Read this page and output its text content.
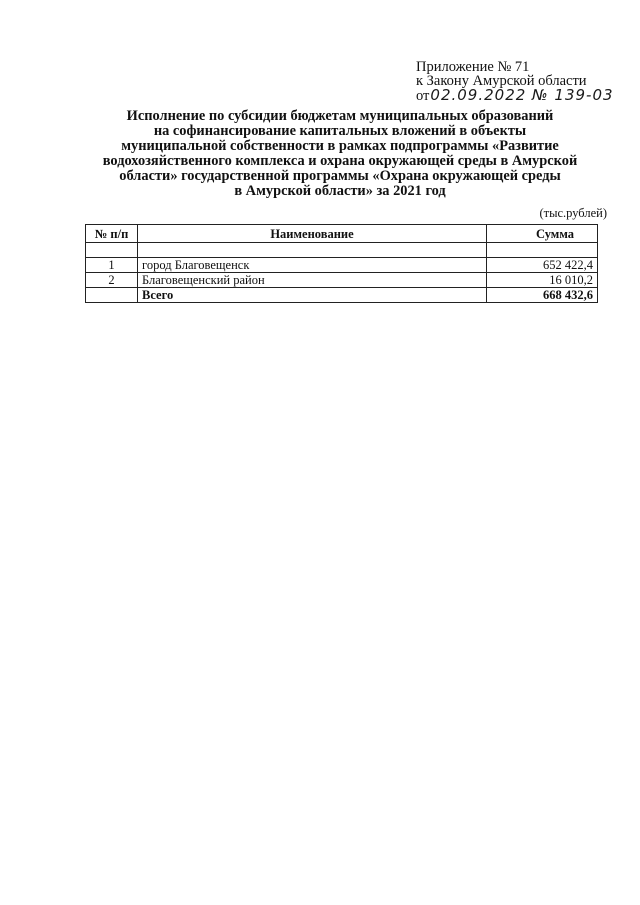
Приложение № 71
к Закону Амурской области
от02.09.2022 № 139-03
Исполнение по субсидии бюджетам муниципальных образований
на софинансирование капитальных вложений в объекты
муниципальной собственности в рамках подпрограммы «Развитие
водохозяйственного комплекса и охрана окружающей среды в Амурской
области» государственной программы «Охрана окружающей среды
в Амурской области» за 2021 год
(тыс.рублей)
№ п/п	Наименование	Сумма

1	город Благовещенск	652 422,4
2	Благовещенский район	16 010,2
	Всего	668 432,6
